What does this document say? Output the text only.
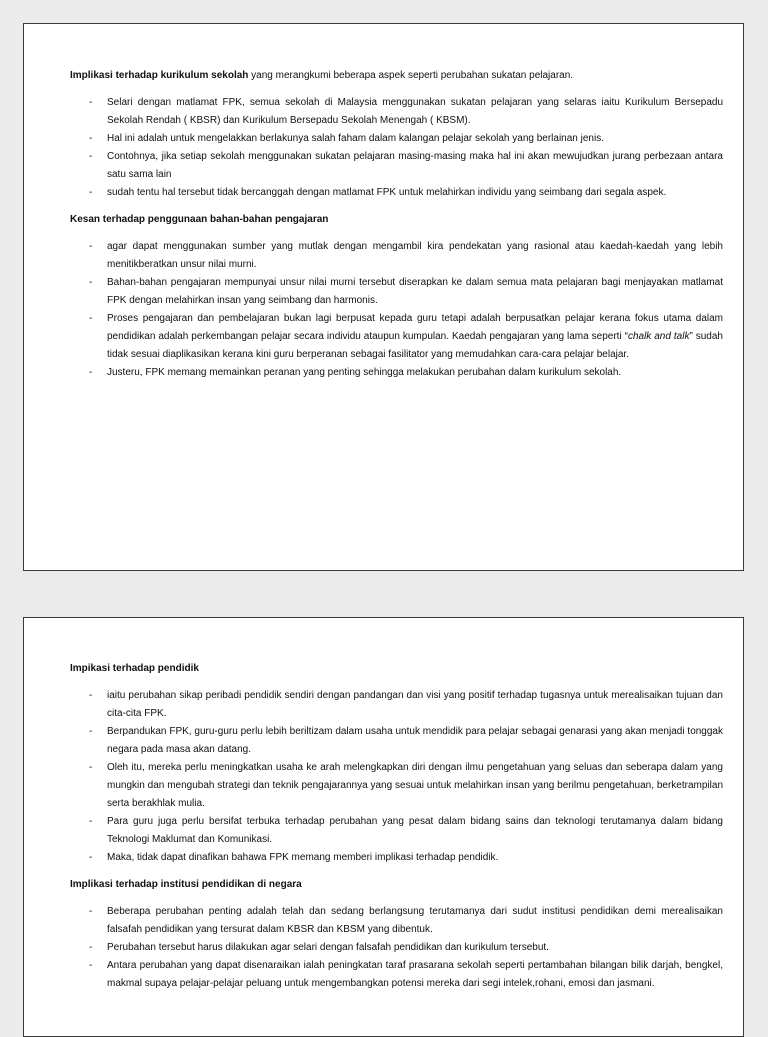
Implikasi terhadap kurikulum sekolah yang merangkumi beberapa aspek seperti perubahan sukatan pelajaran.

- Selari dengan matlamat FPK, semua sekolah di Malaysia menggunakan sukatan pelajaran yang selaras iaitu Kurikulum Bersepadu Sekolah Rendah ( KBSR) dan Kurikulum Bersepadu Sekolah Menengah ( KBSM).
- Hal ini adalah untuk mengelakkan berlakunya salah faham dalam kalangan pelajar sekolah yang berlainan jenis.
- Contohnya, jika setiap sekolah menggunakan sukatan pelajaran masing-masing maka hal ini akan mewujudkan jurang perbezaan antara satu sama lain
- sudah tentu hal tersebut tidak bercanggah dengan matlamat FPK untuk melahirkan individu yang seimbang dari segala aspek.

Kesan terhadap penggunaan bahan-bahan pengajaran

- agar dapat menggunakan sumber yang mutlak dengan mengambil kira pendekatan yang rasional atau kaedah-kaedah yang lebih menitikberatkan unsur nilai murni.
- Bahan-bahan pengajaran mempunyai unsur nilai murni tersebut diserapkan ke dalam semua mata pelajaran bagi menjayakan matlamat FPK dengan melahirkan insan yang seimbang dan harmonis.
- Proses pengajaran dan pembelajaran bukan lagi berpusat kepada guru tetapi adalah berpusatkan pelajar kerana fokus utama dalam pendidikan adalah perkembangan pelajar secara individu ataupun kumpulan. Kaedah pengajaran yang lama seperti “chalk and talk” sudah tidak sesuai diaplikasikan kerana kini guru berperanan sebagai fasilitator yang memudahkan cara-cara pelajar belajar.
- Justeru, FPK memang memainkan peranan yang penting sehingga melakukan perubahan dalam kurikulum sekolah.

Impikasi terhadap pendidik

- iaitu perubahan sikap peribadi pendidik sendiri dengan pandangan dan visi yang positif terhadap tugasnya untuk merealisaikan tujuan dan cita-cita FPK.
- Berpandukan FPK, guru-guru perlu lebih beriltizam dalam usaha untuk mendidik para pelajar sebagai genarasi yang akan menjadi tonggak negara pada masa akan datang.
- Oleh itu, mereka perlu meningkatkan usaha ke arah melengkapkan diri dengan ilmu pengetahuan yang seluas dan seberapa dalam yang mungkin dan mengubah strategi dan teknik pengajarannya yang sesuai untuk melahirkan insan yang berilmu pengetahuan, berketrampilan serta berakhlak mulia.
- Para guru juga perlu bersifat terbuka terhadap perubahan yang pesat dalam bidang sains dan teknologi terutamanya dalam bidang Teknologi Maklumat dan Komunikasi.
- Maka, tidak dapat dinafikan bahawa FPK memang memberi implikasi terhadap pendidik.

Implikasi terhadap institusi pendidikan di negara

- Beberapa perubahan penting adalah telah dan sedang berlangsung terutamanya dari sudut institusi pendidikan demi merealisaikan falsafah pendidikan yang tersurat dalam KBSR dan KBSM yang dibentuk.
- Perubahan tersebut harus dilakukan agar selari dengan falsafah pendidikan dan kurikulum tersebut.
- Antara perubahan yang dapat disenaraikan ialah peningkatan taraf prasarana sekolah seperti pertambahan bilangan bilik darjah, bengkel, makmal supaya pelajar-pelajar peluang untuk mengembangkan potensi mereka dari segi intelek,rohani, emosi dan jasmani.
